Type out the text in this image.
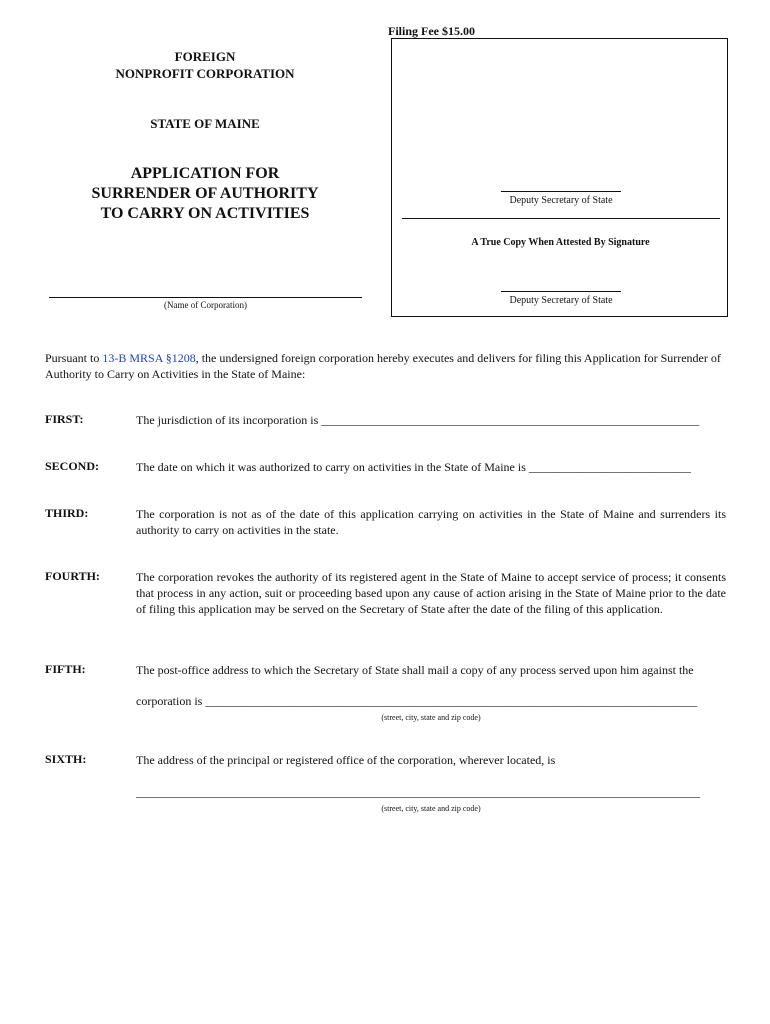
Filing Fee $15.00
FOREIGN
NONPROFIT CORPORATION
STATE OF MAINE
APPLICATION FOR
SURRENDER OF AUTHORITY
TO CARRY ON ACTIVITIES
(Name of Corporation)
Deputy Secretary of State
A True Copy When Attested By Signature
Deputy Secretary of State
Pursuant to 13-B MRSA §1208, the undersigned foreign corporation hereby executes and delivers for filing this Application for Surrender of Authority to Carry on Activities in the State of Maine:
FIRST:	The jurisdiction of its incorporation is _______________________________________________________________
SECOND:	The date on which it was authorized to carry on activities in the State of Maine is ___________________________
THIRD:	The corporation is not as of the date of this application carrying on activities in the State of Maine and surrenders its authority to carry on activities in the state.
FOURTH:	The corporation revokes the authority of its registered agent in the State of Maine to accept service of process; it consents that process in any action, suit or proceeding based upon any cause of action arising in the State of Maine prior to the date of filing this application may be served on the Secretary of State after the date of the filing of this application.
FIFTH:	The post-office address to which the Secretary of State shall mail a copy of any process served upon him against the
corporation is __________________________________________________________________________________
(street, city, state and zip code)
SIXTH:	The address of the principal or registered office of the corporation, wherever located, is
______________________________________________________________________________________________
(street, city, state and zip code)
